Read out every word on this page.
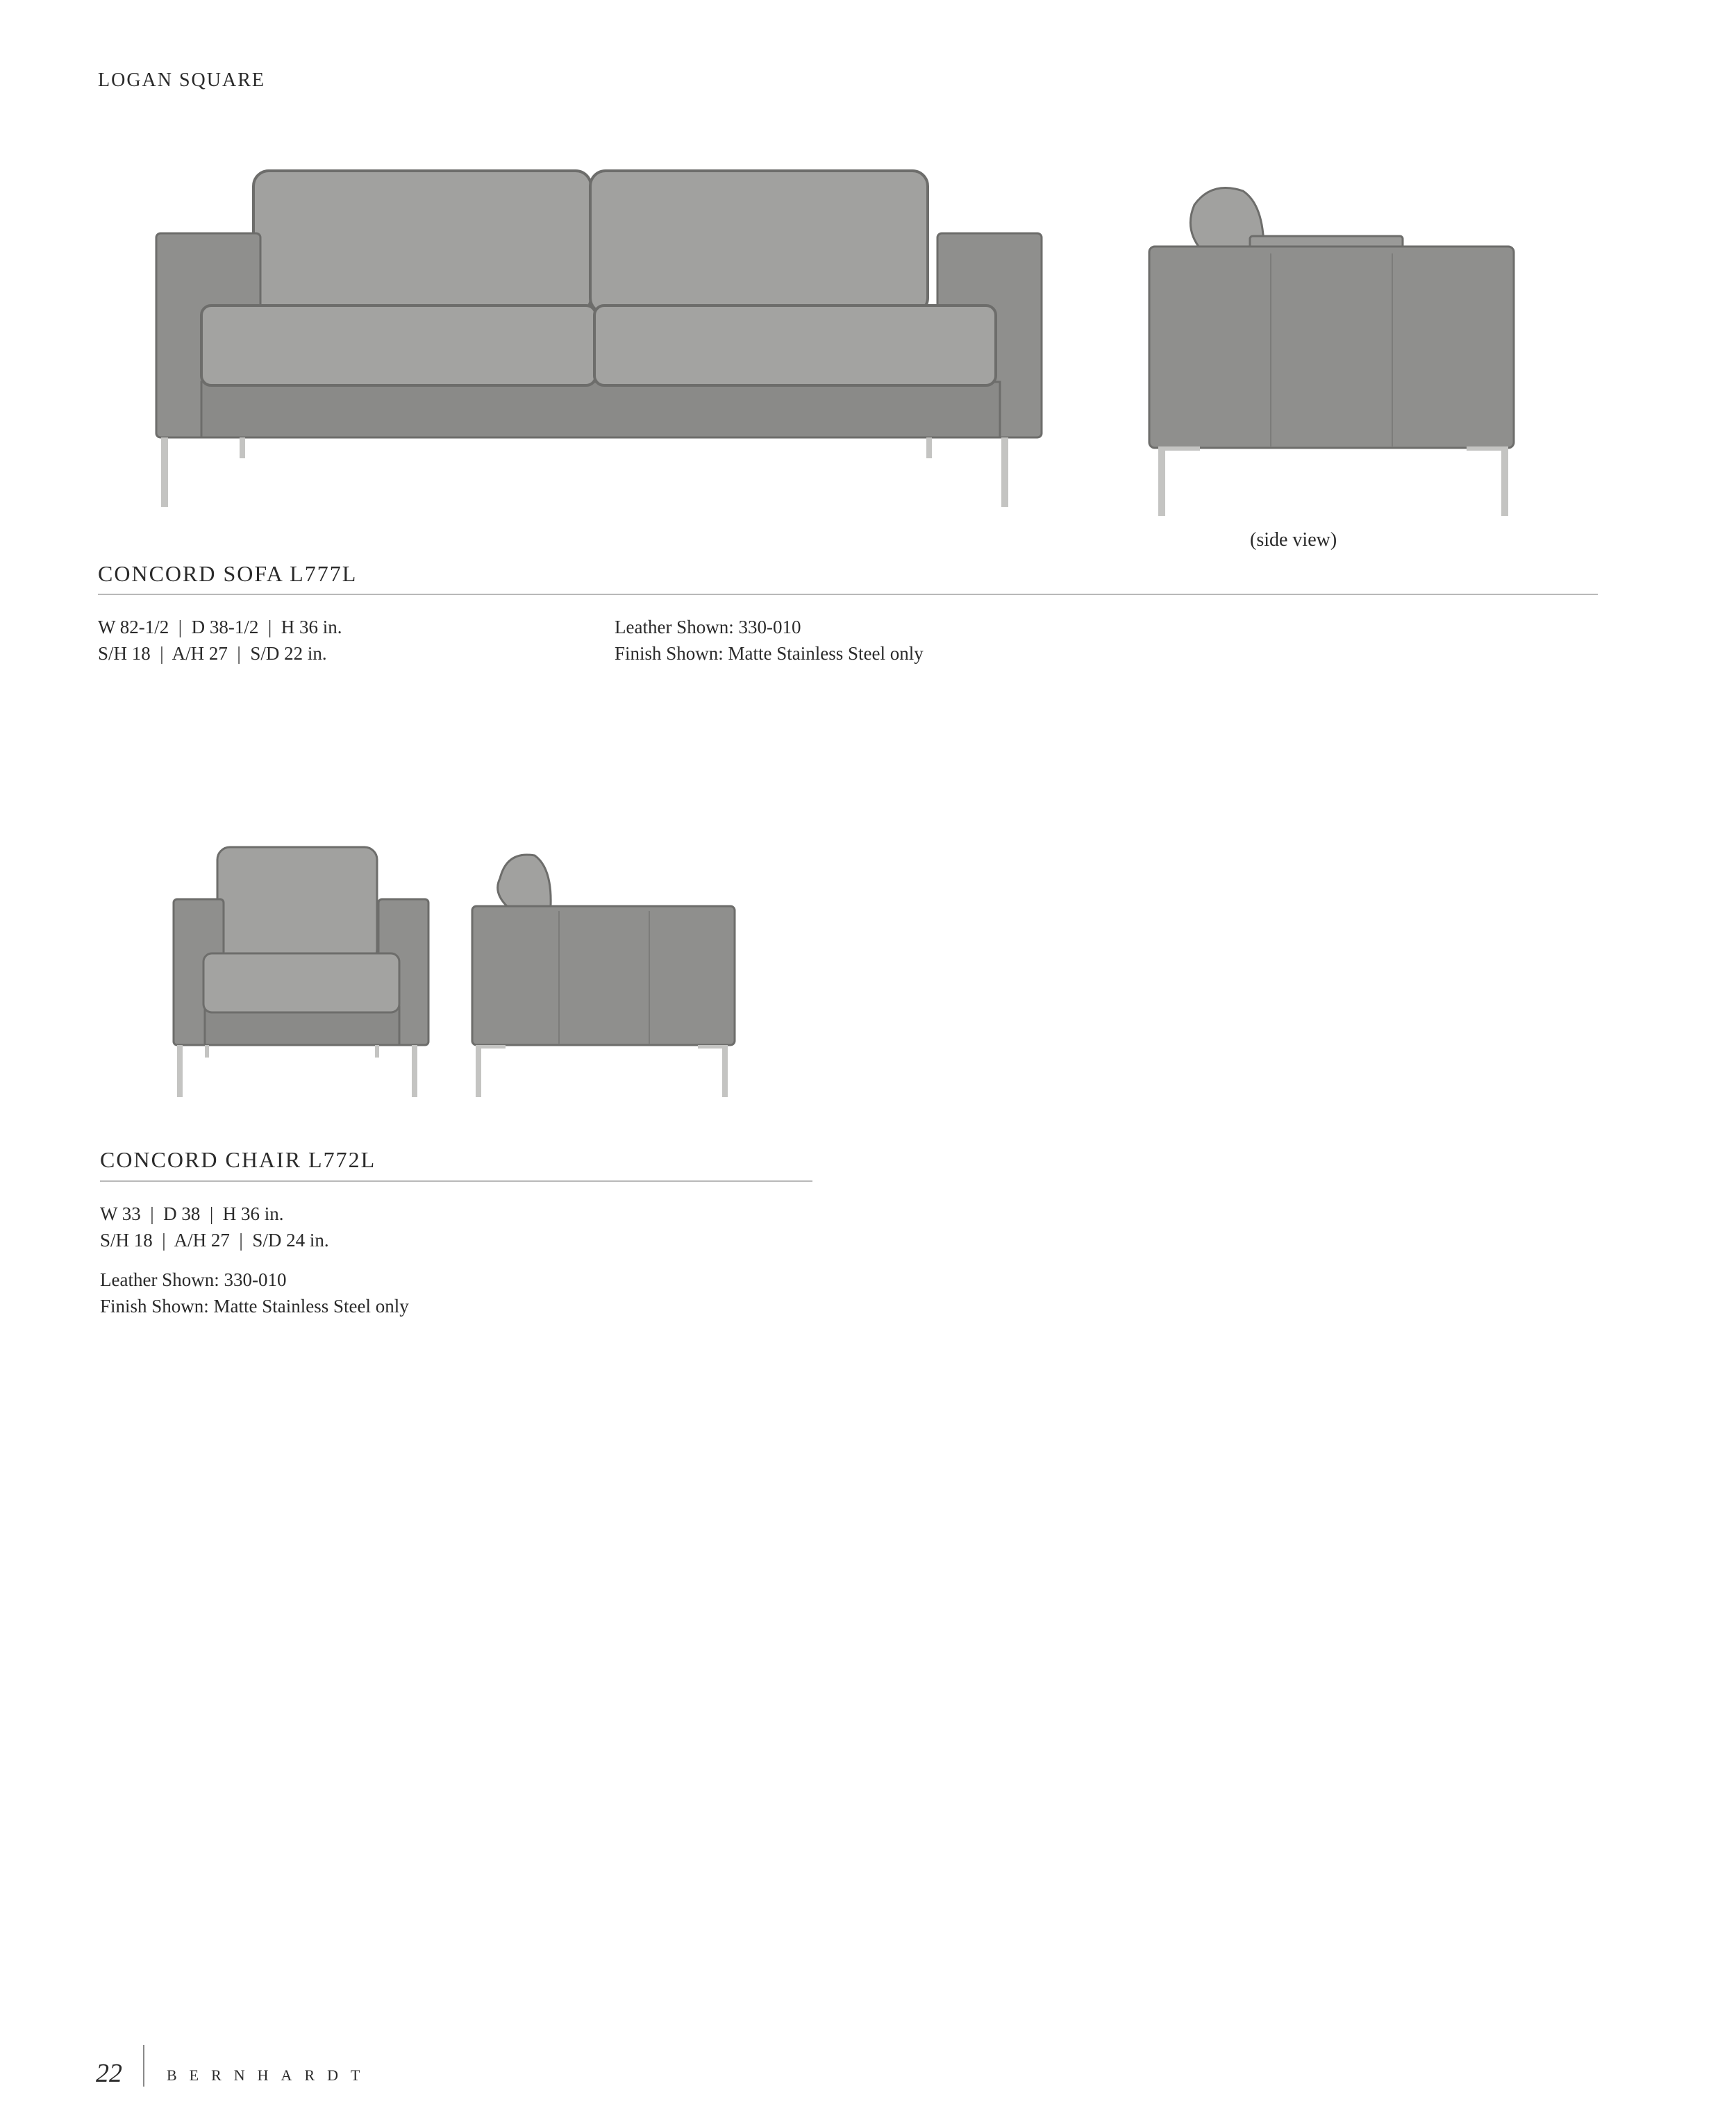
LOGAN SQUARE
(side view)
CONCORD SOFA L777L
W 82-1/2  |  D 38-1/2  |  H 36 in.
S/H 18  |  A/H 27  |  S/D 22 in.
Leather Shown: 330-010
Finish Shown: Matte Stainless Steel only
CONCORD CHAIR L772L
W 33  |  D 38  |  H 36 in.
S/H 18  |  A/H 27  |  S/D 24 in.
Leather Shown: 330-010
Finish Shown: Matte Stainless Steel only
22	BERNHARDT
